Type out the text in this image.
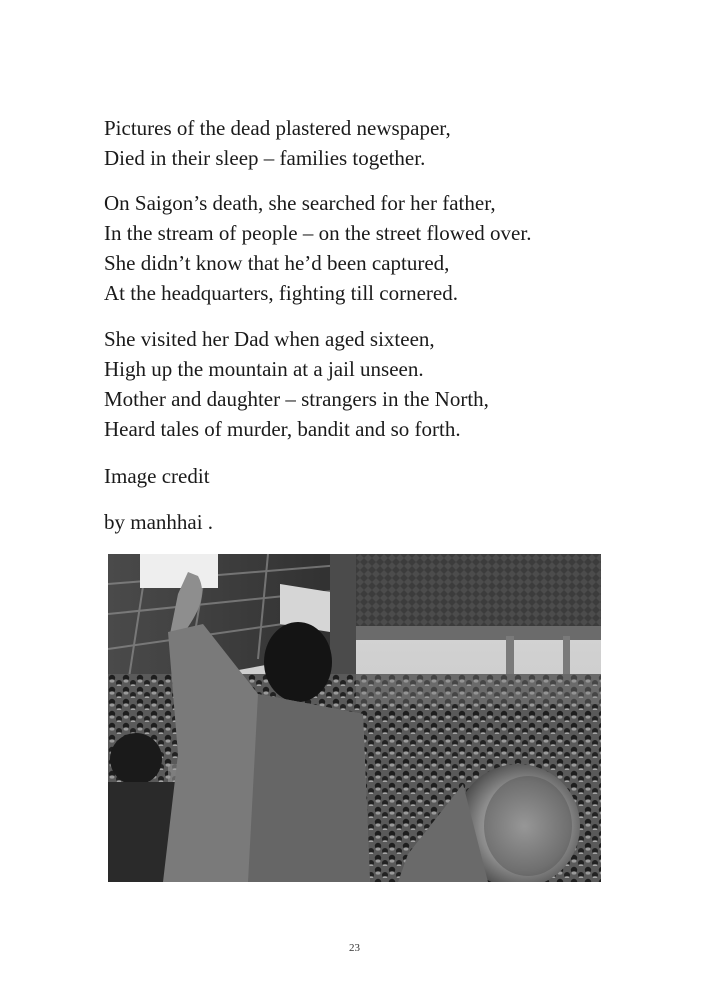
Pictures of the dead plastered newspaper,
Died in their sleep – families together.
On Saigon’s death, she searched for her father,
In the stream of people – on the street flowed over.
She didn’t know that he’d been captured,
At the headquarters, fighting till cornered.
She visited her Dad when aged sixteen,
High up the mountain at a jail unseen.
Mother and daughter – strangers in the North,
Heard tales of murder, bandit and so forth.
Image credit
by manhhai .
23
